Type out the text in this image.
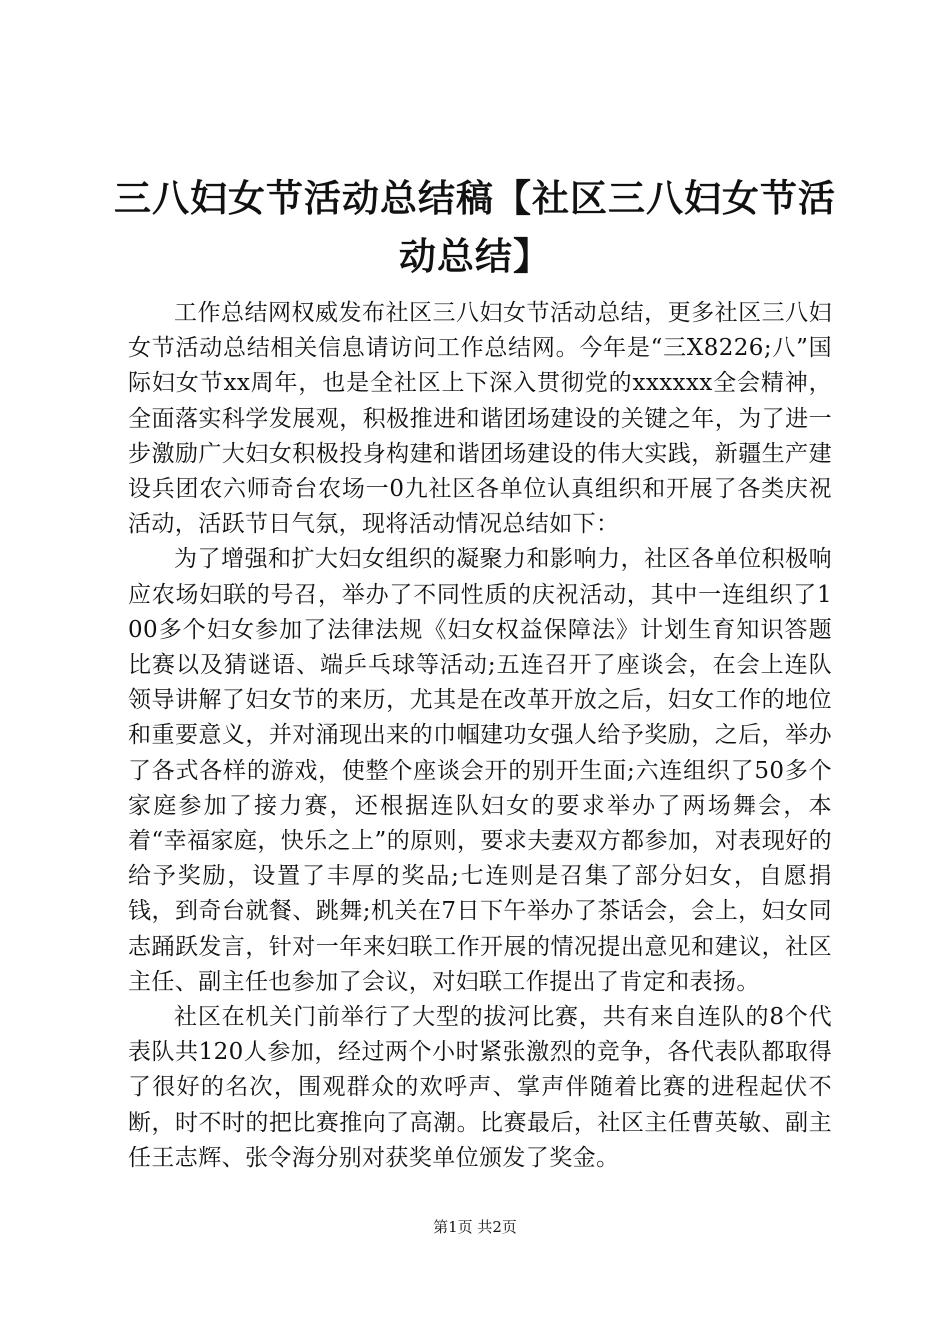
三八妇女节活动总结稿【社区三八妇女节活动总结】

工作总结网权威发布社区三八妇女节活动总结，更多社区三八妇女节活动总结相关信息请访问工作总结网。今年是“三X8226;八”国际妇女节xx周年，也是全社区上下深入贯彻党的xxxxxx全会精神，全面落实科学发展观，积极推进和谐团场建设的关键之年，为了进一步激励广大妇女积极投身构建和谐团场建设的伟大实践，新疆生产建设兵团农六师奇台农场一0九社区各单位认真组织和开展了各类庆祝活动，活跃节日气氛，现将活动情况总结如下：

为了增强和扩大妇女组织的凝聚力和影响力，社区各单位积极响应农场妇联的号召，举办了不同性质的庆祝活动，其中一连组织了100多个妇女参加了法律法规《妇女权益保障法》计划生育知识答题比赛以及猜谜语、端乒乓球等活动;五连召开了座谈会，在会上连队领导讲解了妇女节的来历，尤其是在改革开放之后，妇女工作的地位和重要意义，并对涌现出来的巾帼建功女强人给予奖励，之后，举办了各式各样的游戏，使整个座谈会开的别开生面;六连组织了50多个家庭参加了接力赛，还根据连队妇女的要求举办了两场舞会，本着“幸福家庭，快乐之上”的原则，要求夫妻双方都参加，对表现好的给予奖励，设置了丰厚的奖品;七连则是召集了部分妇女，自愿捐钱，到奇台就餐、跳舞;机关在7日下午举办了茶话会，会上，妇女同志踊跃发言，针对一年来妇联工作开展的情况提出意见和建议，社区主任、副主任也参加了会议，对妇联工作提出了肯定和表扬。

社区在机关门前举行了大型的拔河比赛，共有来自连队的8个代表队共120人参加，经过两个小时紧张激烈的竞争，各代表队都取得了很好的名次，围观群众的欢呼声、掌声伴随着比赛的进程起伏不断，时不时的把比赛推向了高潮。比赛最后，社区主任曹英敏、副主任王志辉、张令海分别对获奖单位颁发了奖金。

第1页 共2页
